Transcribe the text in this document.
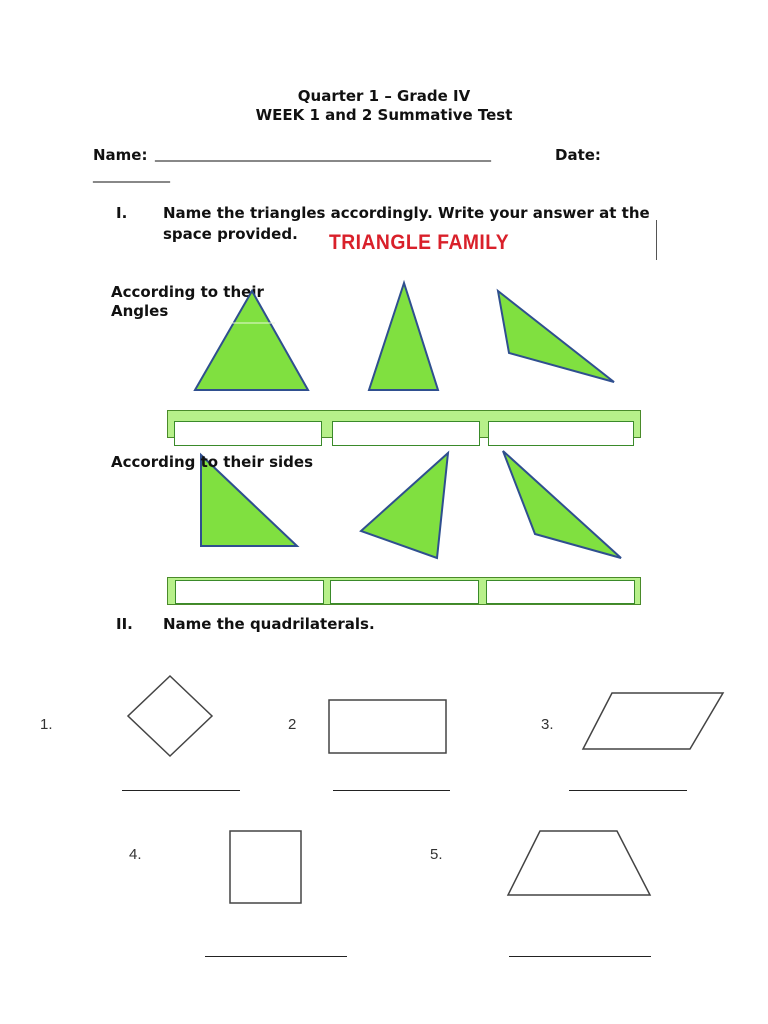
Quarter 1 – Grade IV
WEEK 1 and 2 Summative Test
Name: ________________________________________________	Date:
___________
I. Name the triangles accordingly. Write your answer at the
space provided. TRIANGLE FAMILY
According to their
Angles
According to their sides
II. Name the quadrilaterals.
1.	2	3.
4.	5.
